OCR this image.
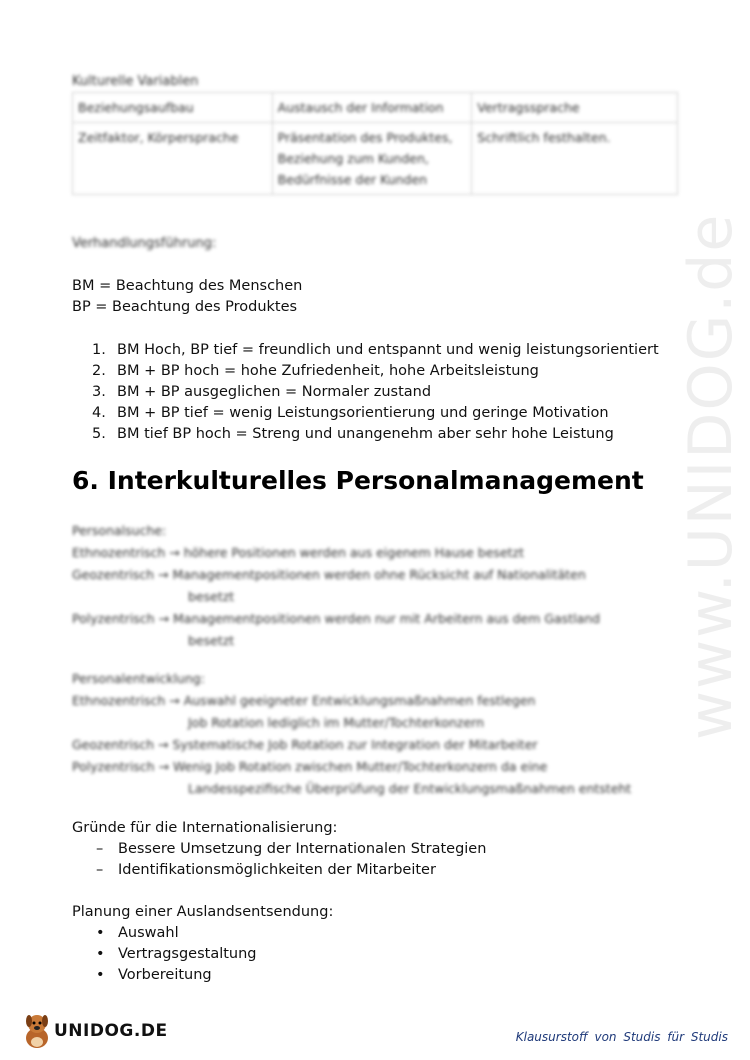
www.UNIDOG.de
Kulturelle Variablen
Beziehungsaufbau	Austausch der Information	Vertragssprache
Zeitfaktor, Körpersprache	Präsentation des Produktes, Beziehung zum Kunden, Bedürfnisse der Kunden	Schriftlich festhalten.
Verhandlungsführung:
BM = Beachtung des Menschen
BP = Beachtung des Produktes
1. BM Hoch, BP tief = freundlich und entspannt und wenig leistungsorientiert
2. BM + BP hoch = hohe Zufriedenheit, hohe Arbeitsleistung
3. BM + BP ausgeglichen = Normaler zustand
4. BM + BP tief = wenig Leistungsorientierung und geringe Motivation
5. BM tief BP hoch = Streng und unangenehm aber sehr hohe Leistung
6. Interkulturelles Personalmanagement
Personalsuche:
Ethnozentrisch → höhere Positionen werden aus eigenem Hause besetzt
Geozentrisch → Managementpositionen werden ohne Rücksicht auf Nationalitäten
besetzt
Polyzentrisch → Managementpositionen werden nur mit Arbeitern aus dem Gastland
besetzt
Personalentwicklung:
Ethnozentrisch → Auswahl geeigneter Entwicklungsmaßnahmen festlegen
Job Rotation lediglich im Mutter/Tochterkonzern
Geozentrisch → Systematische Job Rotation zur Integration der Mitarbeiter
Polyzentrisch → Wenig Job Rotation zwischen Mutter/Tochterkonzern da eine
Landesspezifische Überprüfung der Entwicklungsmaßnahmen entsteht
Gründe für die Internationalisierung:
– Bessere Umsetzung der Internationalen Strategien
– Identifikationsmöglichkeiten der Mitarbeiter
Planung einer Auslandsentsendung:
• Auswahl
• Vertragsgestaltung
• Vorbereitung
UNIDOG.DE	Klausurstoff von Studis für Studis
